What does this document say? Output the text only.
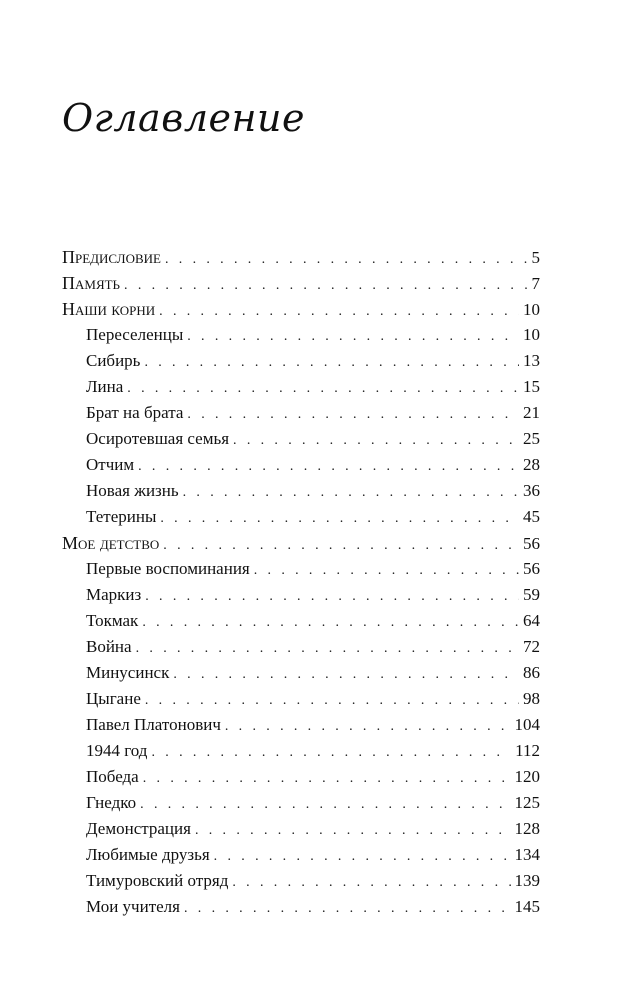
Оглавление
Предисловие . . .	5
Память . . .	7
Наши корни . . .	10
Переселенцы . . .	10
Сибирь . . .	13
Лина . . .	15
Брат на брата . . .	21
Осиротевшая семья . . .	25
Отчим . . .	28
Новая жизнь . . .	36
Тетерины . . .	45
Мое детство . . .	56
Первые воспоминания . . .	56
Маркиз . . .	59
Токмак . . .	64
Война . . .	72
Минусинск . . .	86
Цыгане . . .	98
Павел Платонович . . .	104
1944 год . . .	112
Победа . . .	120
Гнедко . . .	125
Демонстрация . . .	128
Любимые друзья . . .	134
Тимуровский отряд . . .	139
Мои учителя . . .	145
